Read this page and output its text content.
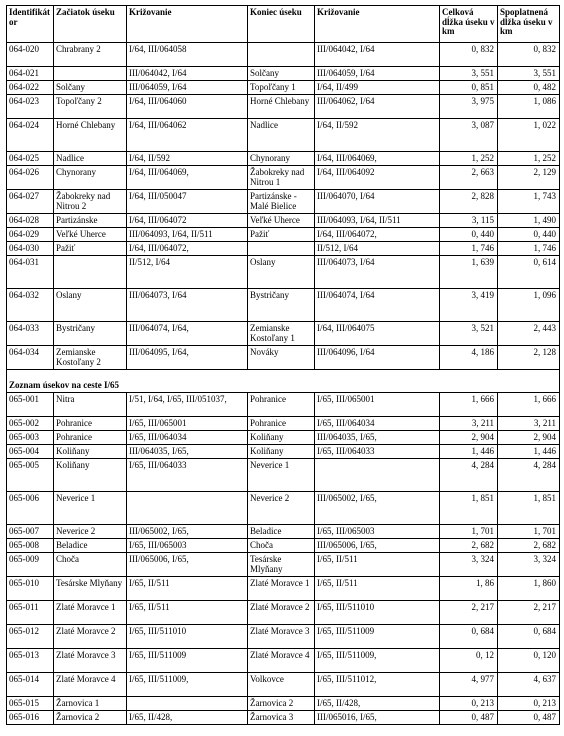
Identifikátor	Začiatok úseku	Križovanie	Koniec úseku	Križovanie	Celková dĺžka úseku v km	Spoplatnená dĺžka úseku v km
064-020	Chrabrany 2	I/64, III/064058		III/064042, I/64	0, 832	0, 832
064-021		III/064042, I/64	Solčany	III/064059, I/64	3, 551	3, 551
064-022	Solčany	III/064059, I/64	Topoľčany 1	I/64, II/499	0, 851	0, 482
064-023	Topoľčany 2	I/64, III/064060	Horné Chlebany	III/064062, I/64	3, 975	1, 086
064-024	Horné Chlebany	I/64, III/064062	Nadlice	I/64, II/592	3, 087	1, 022
064-025	Nadlice	I/64, II/592	Chynorany	I/64, III/064069,	1, 252	1, 252
064-026	Chynorany	I/64, III/064069,	Žabokreky nad Nitrou 1	I/64, III/064092	2, 663	2, 129
064-027	Žabokreky nad Nitrou 2	I/64, III/050047	Partizánske - Malé Bielice	III/064070, I/64	2, 828	1, 743
064-028	Partizánske	I/64, III/064072	Veľké Uherce	III/064093, I/64, II/511	3, 115	1, 490
064-029	Veľké Uherce	III/064093, I/64, II/511	Pažiť	I/64, III/064072,	0, 440	0, 440
064-030	Pažiť	I/64, III/064072,		II/512, I/64	1, 746	1, 746
064-031		II/512, I/64	Oslany	III/064073, I/64	1, 639	0, 614
064-032	Oslany	III/064073, I/64	Bystričany	III/064074, I/64	3, 419	1, 096
064-033	Bystričany	III/064074, I/64,	Zemianske Kostoľany 1	I/64, III/064075	3, 521	2, 443
064-034	Zemianske Kostoľany 2	III/064095, I/64,	Nováky	III/064096, I/64	4, 186	2, 128
Zoznam úsekov na ceste I/65						
065-001	Nitra	I/51, I/64, I/65, III/051037,	Pohranice	I/65, III/065001	1, 666	1, 666
065-002	Pohranice	I/65, III/065001	Pohranice	I/65, III/064034	3, 211	3, 211
065-003	Pohranice	I/65, III/064034	Koliňany	III/064035, I/65,	2, 904	2, 904
065-004	Koliňany	III/064035, I/65,	Koliňany	I/65, III/064033	1, 446	1, 446
065-005	Koliňany	I/65, III/064033	Neverice 1		4, 284	4, 284
065-006	Neverice 1		Neverice 2	III/065002, I/65,	1, 851	1, 851
065-007	Neverice 2	III/065002, I/65,	Beladice	I/65, III/065003	1, 701	1, 701
065-008	Beladice	I/65, III/065003	Choča	III/065006, I/65,	2, 682	2, 682
065-009	Choča	III/065006, I/65,	Tesárske Mlyňany	I/65, II/511	3, 324	3, 324
065-010	Tesárske Mlyňany	I/65, II/511	Zlaté Moravce 1	I/65, II/511	1, 86	1, 860
065-011	Zlaté Moravce 1	I/65, II/511	Zlaté Moravce 2	I/65, III/511010	2, 217	2, 217
065-012	Zlaté Moravce 2	I/65, III/511010	Zlaté Moravce 3	I/65, III/511009	0, 684	0, 684
065-013	Zlaté Moravce 3	I/65, III/511009	Zlaté Moravce 4	I/65, III/511009,	0, 12	0, 120
065-014	Zlaté Moravce 4	I/65, III/511009,	Volkovce	I/65, III/511012,	4, 977	4, 637
065-015	Žarnovica 1		Žarnovica 2	I/65, II/428,	0, 213	0, 213
065-016	Žarnovica 2	I/65, II/428,	Žarnovica 3	III/065016, I/65,	0, 487	0, 487
